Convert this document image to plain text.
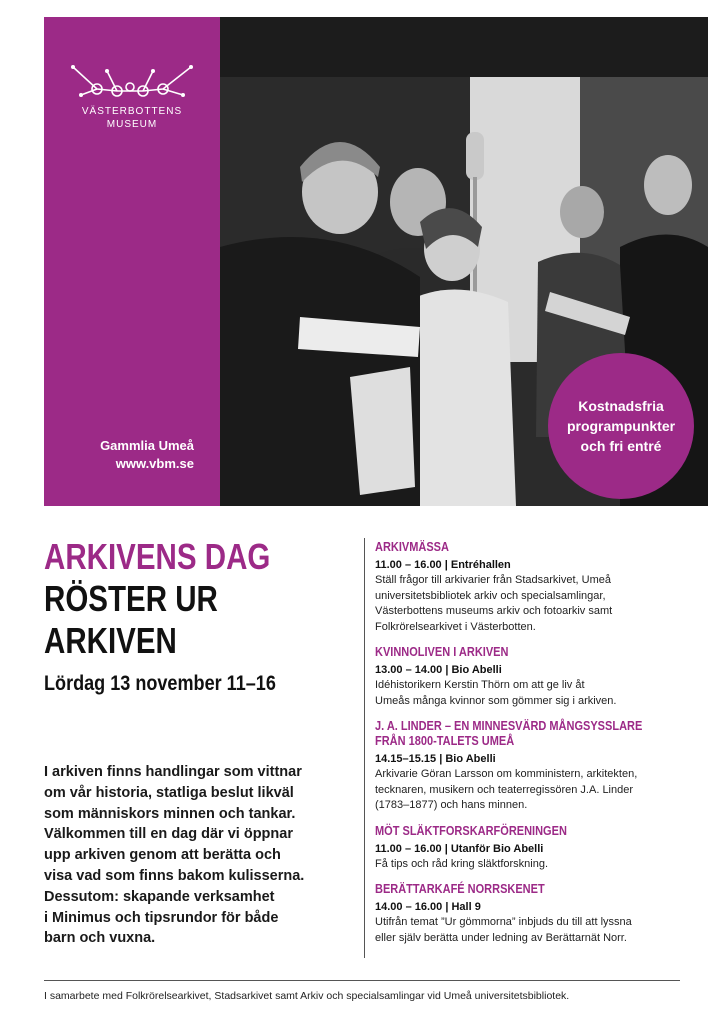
VÄSTERBOTTENS
MUSEUM
Gammlia Umeå
www.vbm.se
Kostnadsfria
programpunkter
och fri entré
ARKIVENS DAG
RÖSTER UR
ARKIVEN
Lördag 13 november 11–16
I arkiven finns handlingar som vittnar
om vår historia, statliga beslut likväl
som människors minnen och tankar.
Välkommen till en dag där vi öppnar
upp arkiven genom att berätta och
visa vad som finns bakom kulisserna.
Dessutom: skapande verksamhet
i Minimus och tipsrundor för både
barn och vuxna.
ARKIVMÄSSA
11.00 – 16.00 | Entréhallen
Ställ frågor till arkivarier från Stadsarkivet, Umeå
universitetsbibliotek arkiv och specialsamlingar,
Västerbottens museums arkiv och fotoarkiv samt
Folkrörelsearkivet i Västerbotten.
KVINNOLIVEN I ARKIVEN
13.00 – 14.00 | Bio Abelli
Idéhistorikern Kerstin Thörn om att ge liv åt
Umeås många kvinnor som gömmer sig i arkiven.
J. A. LINDER – EN MINNESVÄRD MÅNGSYSSLARE
FRÅN 1800-TALETS UMEÅ
14.15–15.15 | Bio Abelli
Arkivarie Göran Larsson om komministern, arkitekten,
tecknaren, musikern och teaterregissören J.A. Linder
(1783–1877) och hans minnen.
MÖT SLÄKTFORSKARFÖRENINGEN
11.00 – 16.00 | Utanför Bio Abelli
Få tips och råd kring släktforskning.
BERÄTTARKAFÉ NORRSKENET
14.00 – 16.00 | Hall 9
Utifrån temat ”Ur gömmorna” inbjuds du till att lyssna
eller själv berätta under ledning av Berättarnät Norr.
I samarbete med Folkrörelsearkivet, Stadsarkivet samt Arkiv och specialsamlingar vid Umeå universitetsbibliotek.
